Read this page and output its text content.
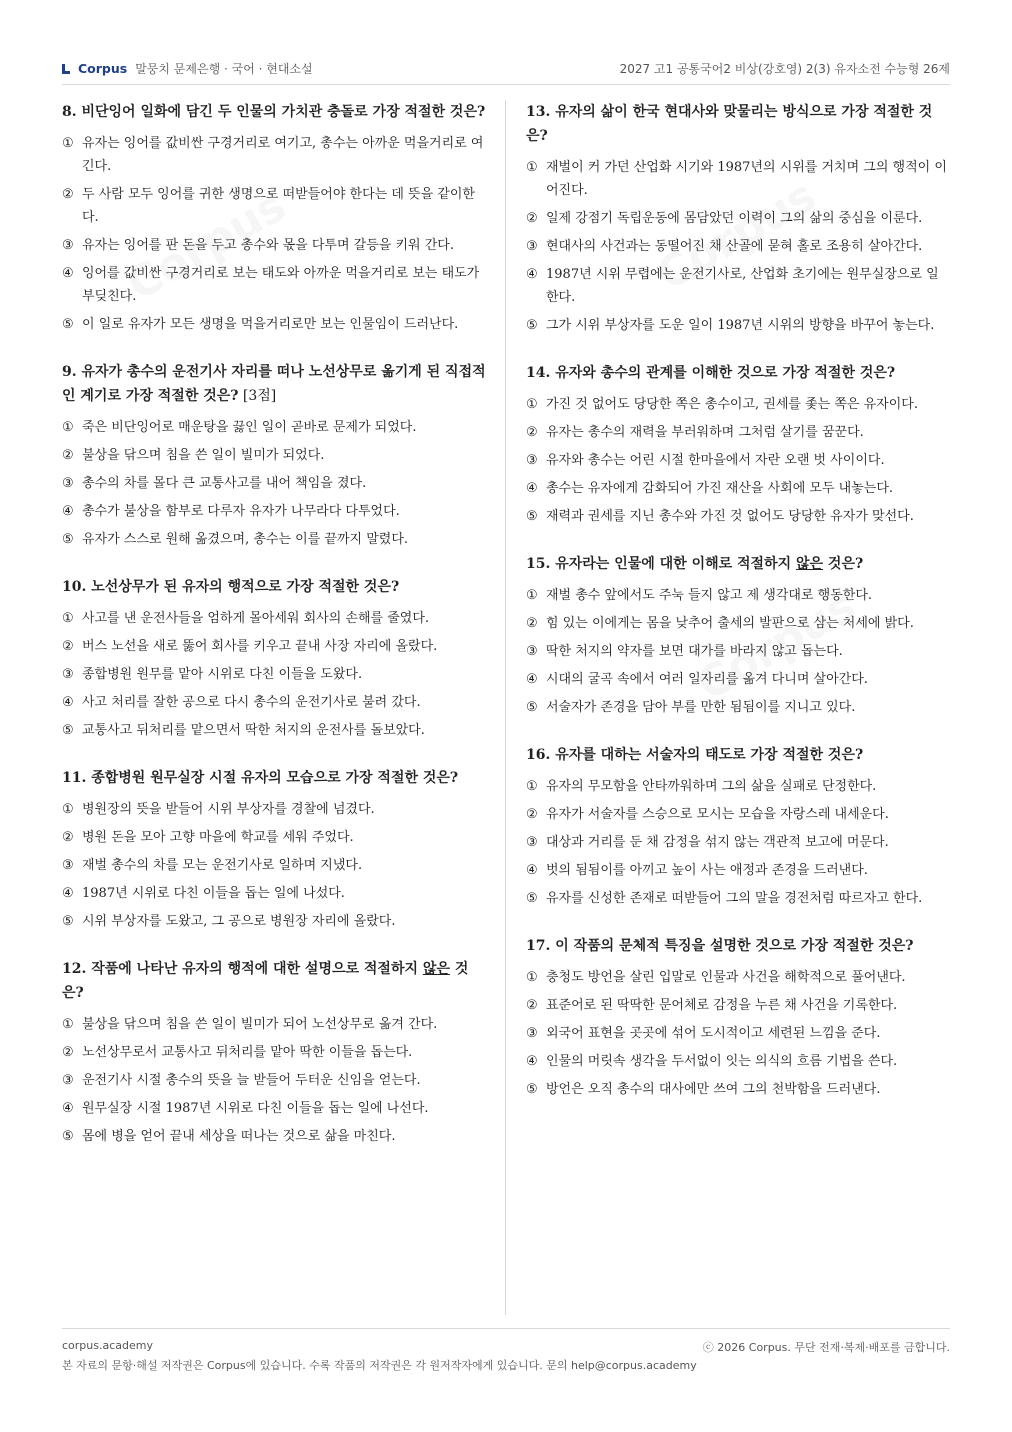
Corpus 말뭉치 문제은행 · 국어 · 현대소설	2027 고1 공통국어2 비상(강호영) 2(3) 유자소전 수능형 26제
8. 비단잉어 일화에 담긴 두 인물의 가치관 충돌로 가장 적절한 것은?
① 유자는 잉어를 값비싼 구경거리로 여기고, 총수는 아까운 먹을거리로 여긴다.
② 두 사람 모두 잉어를 귀한 생명으로 떠받들어야 한다는 데 뜻을 같이한다.
③ 유자는 잉어를 판 돈을 두고 총수와 몫을 다투며 갈등을 키워 간다.
④ 잉어를 값비싼 구경거리로 보는 태도와 아까운 먹을거리로 보는 태도가 부딪친다.
⑤ 이 일로 유자가 모든 생명을 먹을거리로만 보는 인물임이 드러난다.
9. 유자가 총수의 운전기사 자리를 떠나 노선상무로 옮기게 된 직접적인 계기로 가장 적절한 것은? [3점]
① 죽은 비단잉어로 매운탕을 끓인 일이 곧바로 문제가 되었다.
② 불상을 닦으며 침을 쓴 일이 빌미가 되었다.
③ 총수의 차를 몰다 큰 교통사고를 내어 책임을 졌다.
④ 총수가 불상을 함부로 다루자 유자가 나무라다 다투었다.
⑤ 유자가 스스로 원해 옮겼으며, 총수는 이를 끝까지 말렸다.
10. 노선상무가 된 유자의 행적으로 가장 적절한 것은?
① 사고를 낸 운전사들을 엄하게 몰아세워 회사의 손해를 줄였다.
② 버스 노선을 새로 뚫어 회사를 키우고 끝내 사장 자리에 올랐다.
③ 종합병원 원무를 맡아 시위로 다친 이들을 도왔다.
④ 사고 처리를 잘한 공으로 다시 총수의 운전기사로 불려 갔다.
⑤ 교통사고 뒤처리를 맡으면서 딱한 처지의 운전사를 돌보았다.
11. 종합병원 원무실장 시절 유자의 모습으로 가장 적절한 것은?
① 병원장의 뜻을 받들어 시위 부상자를 경찰에 넘겼다.
② 병원 돈을 모아 고향 마을에 학교를 세워 주었다.
③ 재벌 총수의 차를 모는 운전기사로 일하며 지냈다.
④ 1987년 시위로 다친 이들을 돕는 일에 나섰다.
⑤ 시위 부상자를 도왔고, 그 공으로 병원장 자리에 올랐다.
12. 작품에 나타난 유자의 행적에 대한 설명으로 적절하지 않은 것은?
① 불상을 닦으며 침을 쓴 일이 빌미가 되어 노선상무로 옮겨 간다.
② 노선상무로서 교통사고 뒤처리를 맡아 딱한 이들을 돕는다.
③ 운전기사 시절 총수의 뜻을 늘 받들어 두터운 신임을 얻는다.
④ 원무실장 시절 1987년 시위로 다친 이들을 돕는 일에 나선다.
⑤ 몸에 병을 얻어 끝내 세상을 떠나는 것으로 삶을 마친다.
13. 유자의 삶이 한국 현대사와 맞물리는 방식으로 가장 적절한 것은?
① 재벌이 커 가던 산업화 시기와 1987년의 시위를 거치며 그의 행적이 이어진다.
② 일제 강점기 독립운동에 몸담았던 이력이 그의 삶의 중심을 이룬다.
③ 현대사의 사건과는 동떨어진 채 산골에 묻혀 홀로 조용히 살아간다.
④ 1987년 시위 무렵에는 운전기사로, 산업화 초기에는 원무실장으로 일한다.
⑤ 그가 시위 부상자를 도운 일이 1987년 시위의 방향을 바꾸어 놓는다.
14. 유자와 총수의 관계를 이해한 것으로 가장 적절한 것은?
① 가진 것 없어도 당당한 쪽은 총수이고, 권세를 좇는 쪽은 유자이다.
② 유자는 총수의 재력을 부러워하며 그처럼 살기를 꿈꾼다.
③ 유자와 총수는 어린 시절 한마을에서 자란 오랜 벗 사이이다.
④ 총수는 유자에게 감화되어 가진 재산을 사회에 모두 내놓는다.
⑤ 재력과 권세를 지닌 총수와 가진 것 없어도 당당한 유자가 맞선다.
15. 유자라는 인물에 대한 이해로 적절하지 않은 것은?
① 재벌 총수 앞에서도 주눅 들지 않고 제 생각대로 행동한다.
② 힘 있는 이에게는 몸을 낮추어 출세의 발판으로 삼는 처세에 밝다.
③ 딱한 처지의 약자를 보면 대가를 바라지 않고 돕는다.
④ 시대의 굴곡 속에서 여러 일자리를 옮겨 다니며 살아간다.
⑤ 서술자가 존경을 담아 부를 만한 됨됨이를 지니고 있다.
16. 유자를 대하는 서술자의 태도로 가장 적절한 것은?
① 유자의 무모함을 안타까워하며 그의 삶을 실패로 단정한다.
② 유자가 서술자를 스승으로 모시는 모습을 자랑스레 내세운다.
③ 대상과 거리를 둔 채 감정을 섞지 않는 객관적 보고에 머문다.
④ 벗의 됨됨이를 아끼고 높이 사는 애정과 존경을 드러낸다.
⑤ 유자를 신성한 존재로 떠받들어 그의 말을 경전처럼 따르자고 한다.
17. 이 작품의 문체적 특징을 설명한 것으로 가장 적절한 것은?
① 충청도 방언을 살린 입말로 인물과 사건을 해학적으로 풀어낸다.
② 표준어로 된 딱딱한 문어체로 감정을 누른 채 사건을 기록한다.
③ 외국어 표현을 곳곳에 섞어 도시적이고 세련된 느낌을 준다.
④ 인물의 머릿속 생각을 두서없이 잇는 의식의 흐름 기법을 쓴다.
⑤ 방언은 오직 총수의 대사에만 쓰여 그의 천박함을 드러낸다.
corpus.academy	ⓒ 2026 Corpus. 무단 전재·복제·배포를 금합니다.
본 자료의 문항·해설 저작권은 Corpus에 있습니다. 수록 작품의 저작권은 각 원저작자에게 있습니다. 문의 help@corpus.academy
